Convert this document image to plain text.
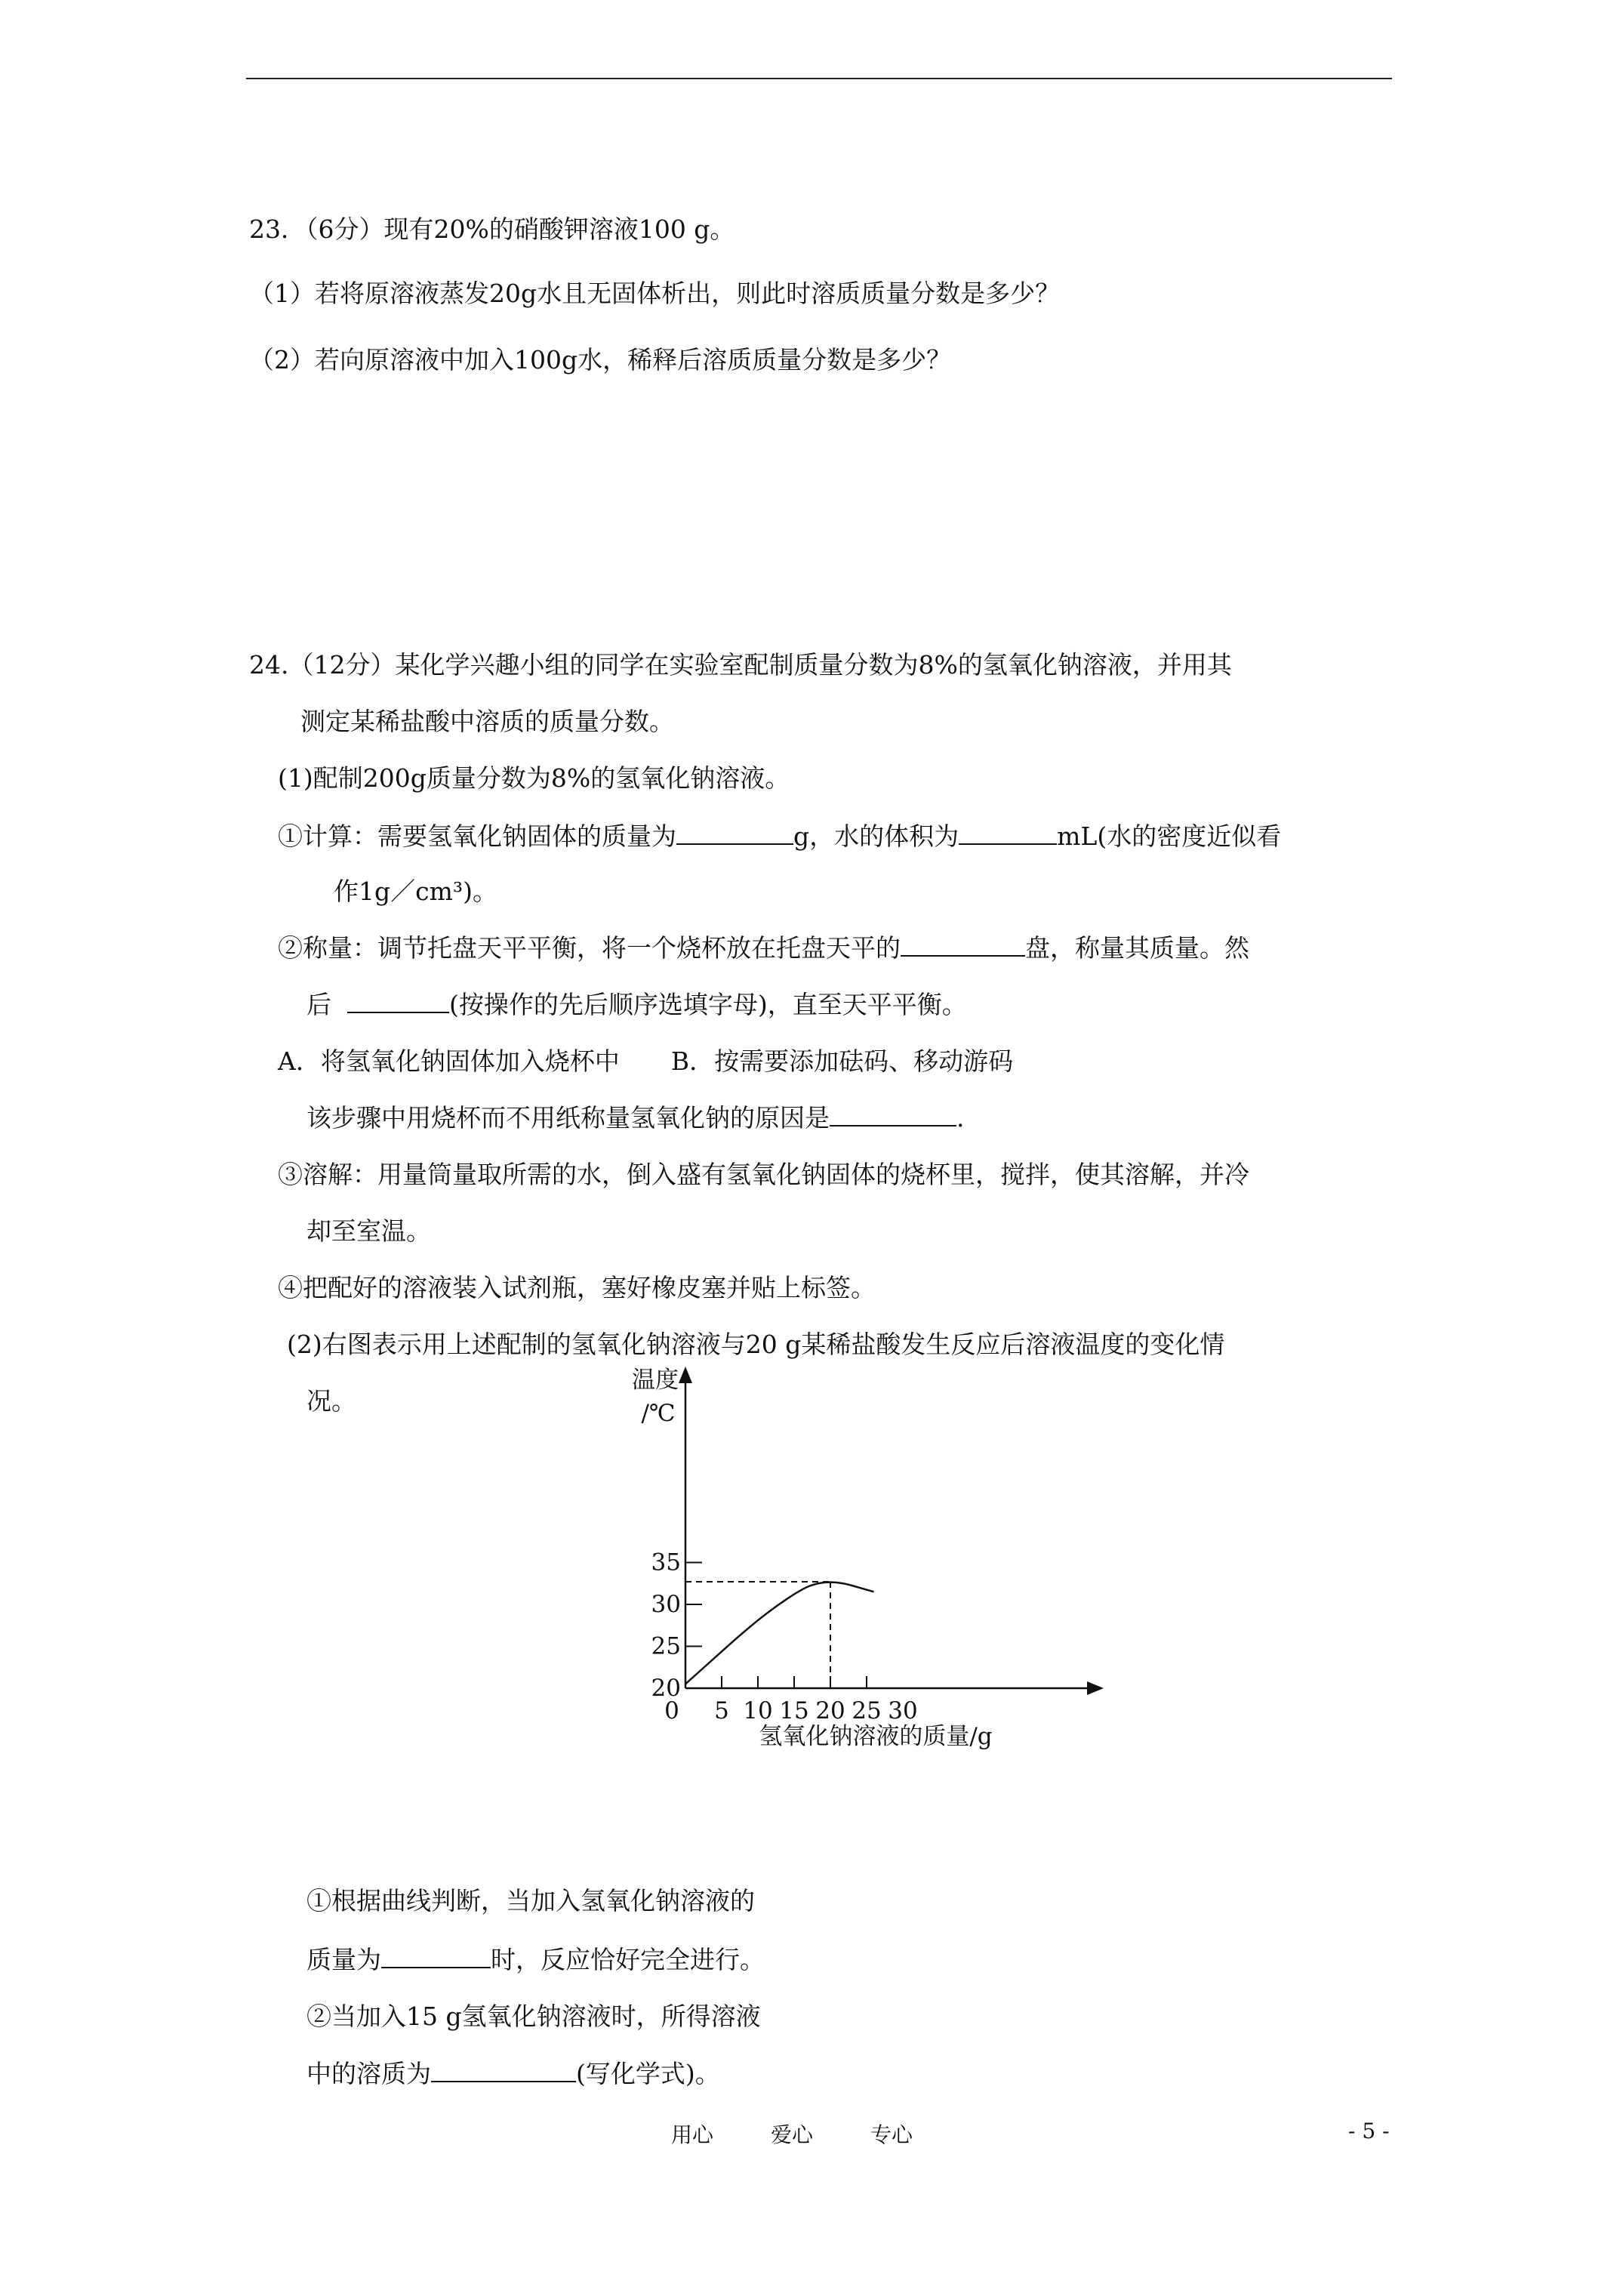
23．（6分）现有20%的硝酸钾溶液100 g。
（1）若将原溶液蒸发20g水且无固体析出，则此时溶质质量分数是多少？
（2）若向原溶液中加入100g水，稀释后溶质质量分数是多少？
24.（12分）某化学兴趣小组的同学在实验室配制质量分数为8%的氢氧化钠溶液，并用其
测定某稀盐酸中溶质的质量分数。
(1)配制200g质量分数为8%的氢氧化钠溶液。
①计算：需要氢氧化钠固体的质量为	g，水的体积为	mL(水的密度近似看
作1g／cm³)。
②称量：调节托盘天平平衡，将一个烧杯放在托盘天平的	盘，称量其质量。然
后	(按操作的先后顺序选填字母)，直至天平平衡。
A．将氢氧化钠固体加入烧杯中 B．按需要添加砝码、移动游码
该步骤中用烧杯而不用纸称量氢氧化钠的原因是	.
③溶解：用量筒量取所需的水，倒入盛有氢氧化钠固体的烧杯里，搅拌，使其溶解，并冷
却至室温。
④把配好的溶液装入试剂瓶，塞好橡皮塞并贴上标签。
(2)右图表示用上述配制的氢氧化钠溶液与20 g某稀盐酸发生反应后溶液温度的变化情
况。
0 5 10 15 20 25 30
20
25
30
35
温度
/℃
氢氧化钠溶液的质量/g
①根据曲线判断，当加入氢氧化钠溶液的
质量为	时，反应恰好完全进行。
②当加入15 g氢氧化钠溶液时，所得溶液
中的溶质为	(写化学式)。
用心	爱心	专心	- 5 -
